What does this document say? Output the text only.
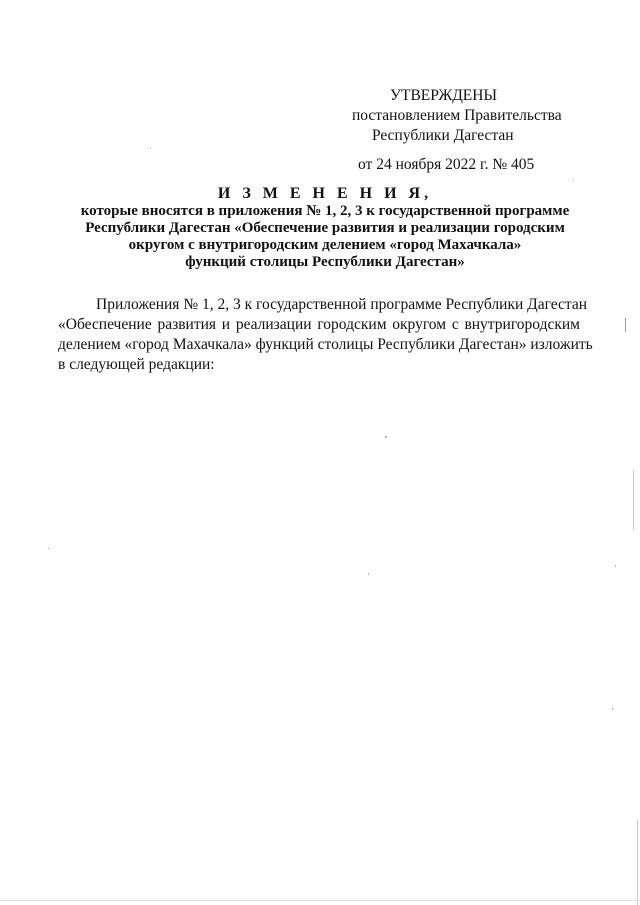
УТВЕРЖДЕНЫ
постановлением Правительства
Республики Дагестан
от 24 ноября 2022 г. № 405
И З М Е Н Е Н И Я,
которые вносятся в приложения № 1, 2, 3 к государственной программе
Республики Дагестан «Обеспечение развития и реализации городским
округом с внутригородским делением «город Махачкала»
функций столицы Республики Дагестан»
Приложения № 1, 2, 3 к государственной программе Республики Дагестан
«Обеспечение развития и реализации городским округом с внутригородским
делением «город Махачкала» функций столицы Республики Дагестан» изложить
в следующей редакции:
